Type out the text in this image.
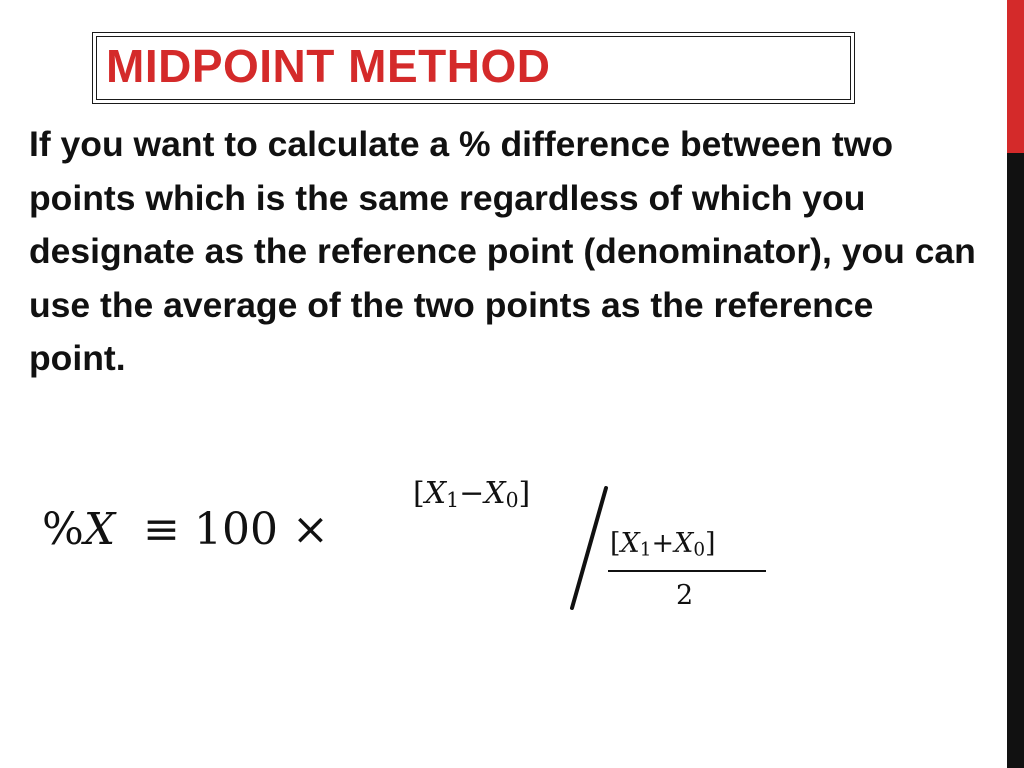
MIDPOINT METHOD

If you want to calculate a % difference between two points which is the same regardless of which you designate as the reference point (denominator), you can use the average of the two points as the reference point.

%X ≡ 100 ×
$[X_1-X_0]$
$[X_1+X_0]$
2
